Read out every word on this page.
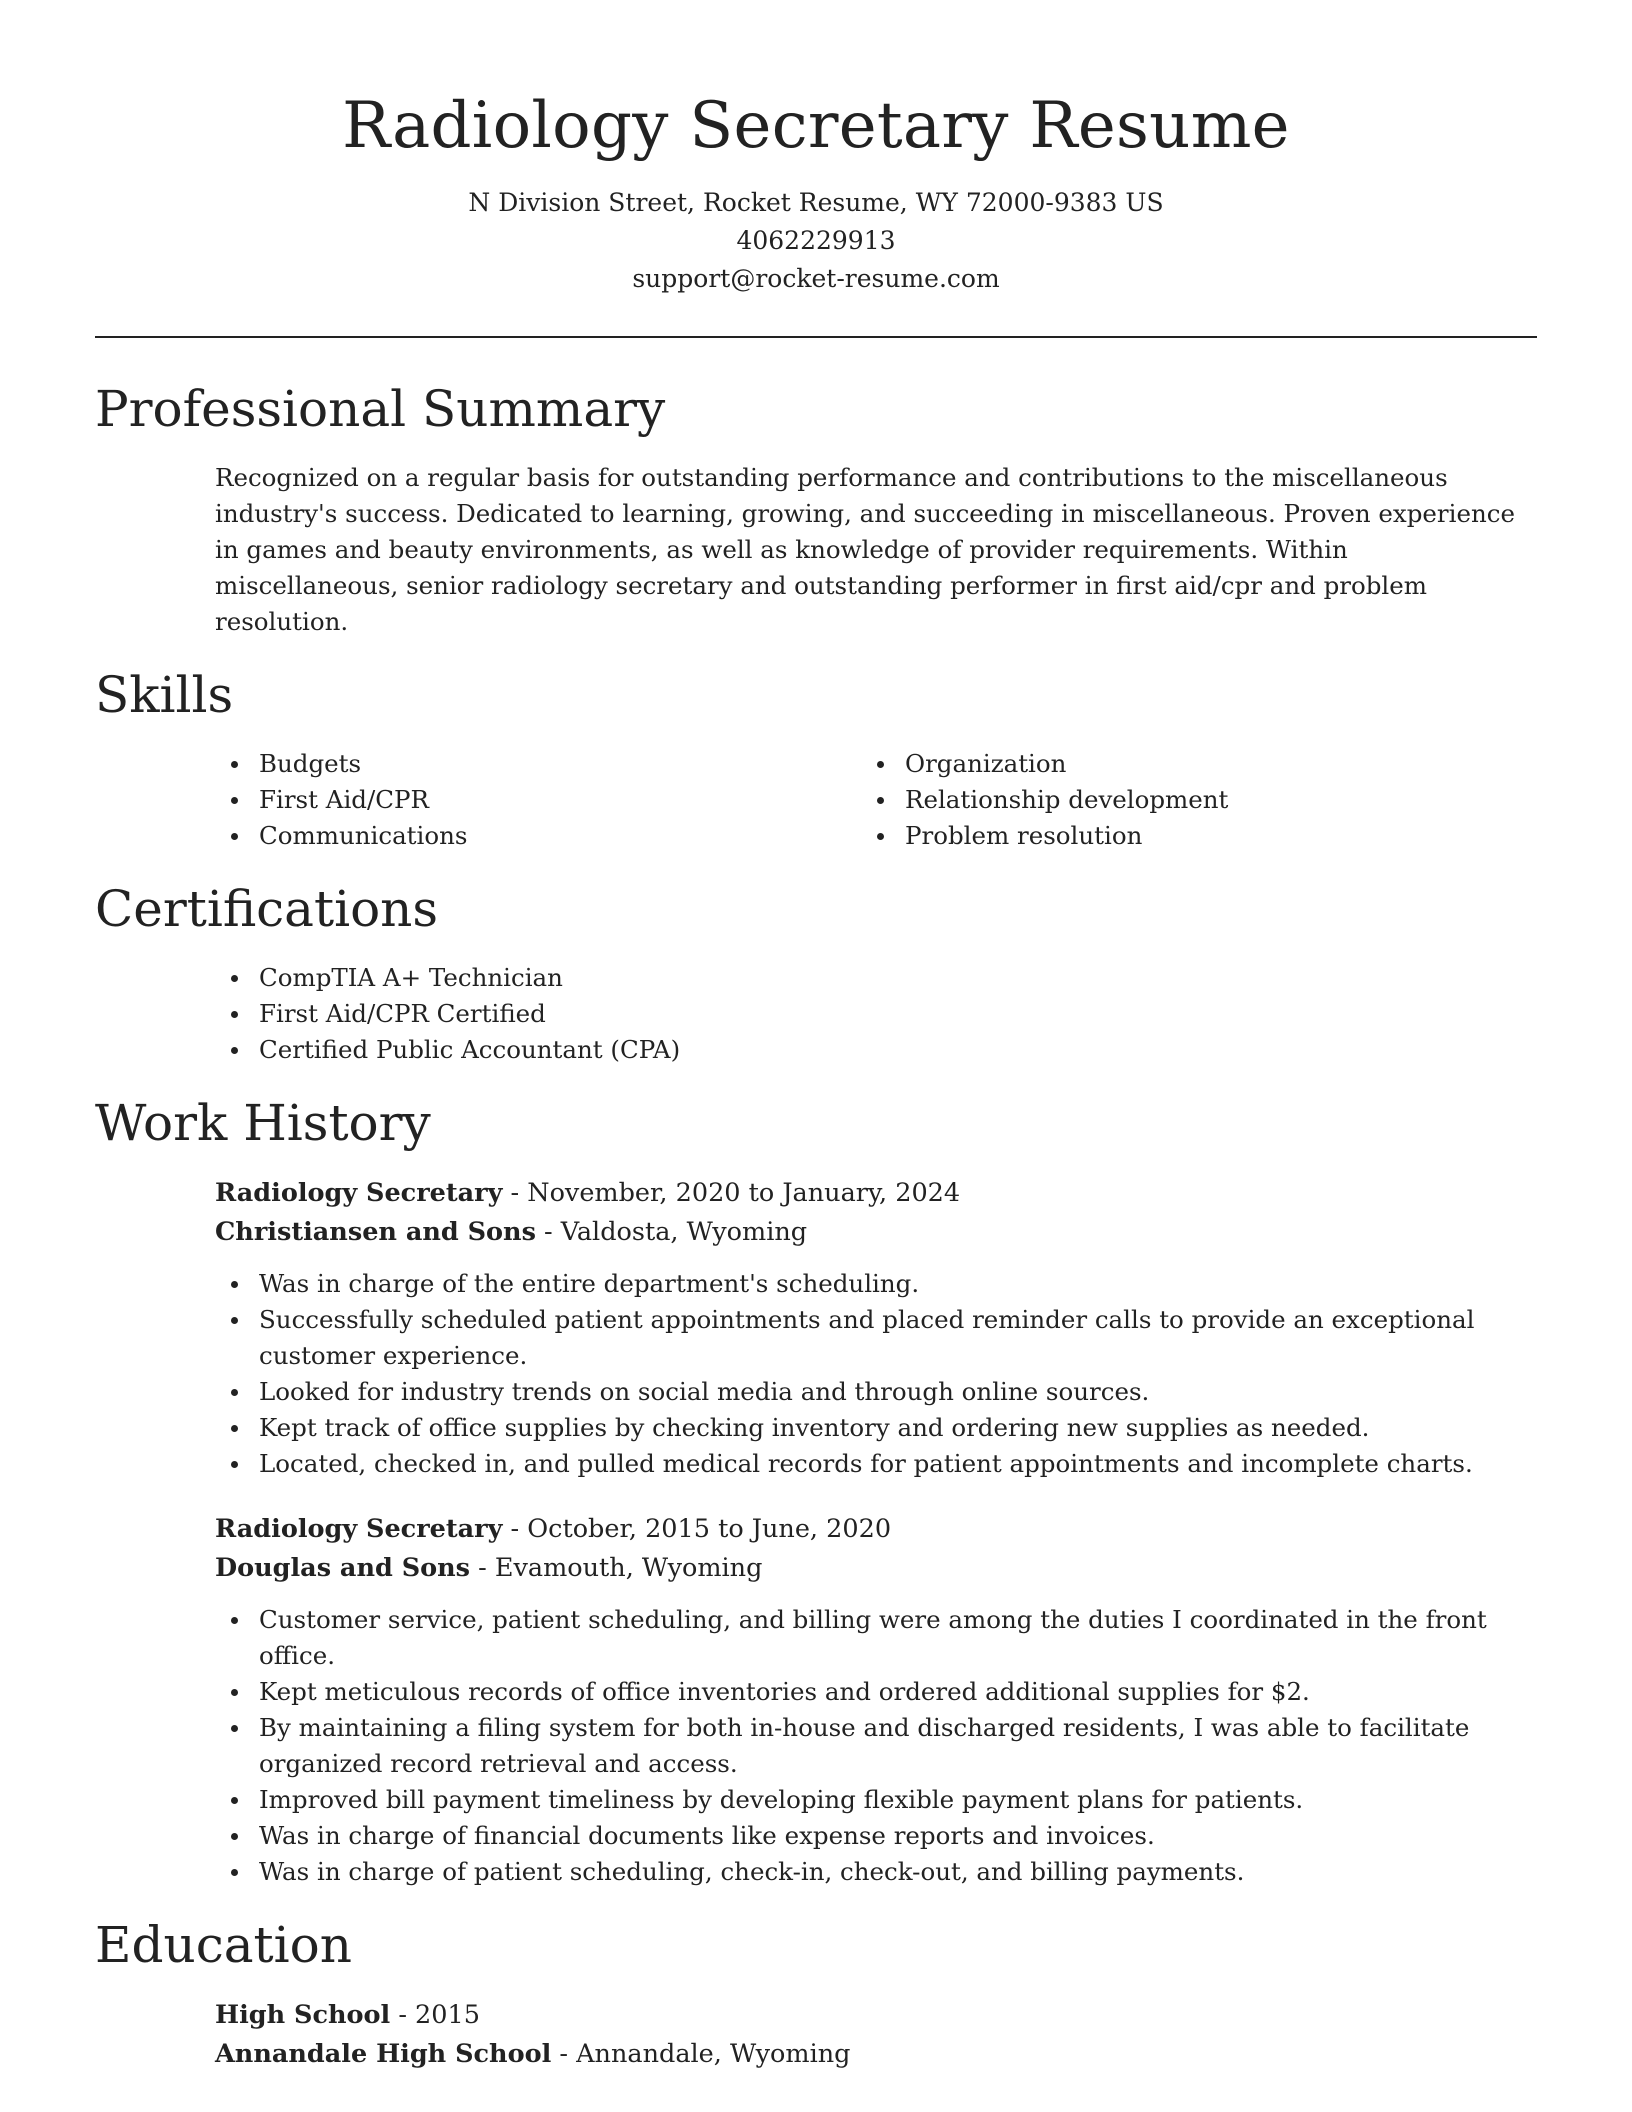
Radiology Secretary Resume
N Division Street, Rocket Resume, WY 72000-9383 US
4062229913
support@rocket-resume.com
Professional Summary

Recognized on a regular basis for outstanding performance and contributions to the miscellaneous industry's success. Dedicated to learning, growing, and succeeding in miscellaneous. Proven experience in games and beauty environments, as well as knowledge of provider requirements. Within miscellaneous, senior radiology secretary and outstanding performer in first aid/cpr and problem resolution.

Skills
Budgets
First Aid/CPR
Communications
Organization
Relationship development
Problem resolution
Certifications
CompTIA A+ Technician
First Aid/CPR Certified
Certified Public Accountant (CPA)
Work History
Radiology Secretary - November, 2020 to January, 2024
Christiansen and Sons - Valdosta, Wyoming
Was in charge of the entire department's scheduling.
Successfully scheduled patient appointments and placed reminder calls to provide an exceptional customer experience.
Looked for industry trends on social media and through online sources.
Kept track of office supplies by checking inventory and ordering new supplies as needed.
Located, checked in, and pulled medical records for patient appointments and incomplete charts.
Radiology Secretary - October, 2015 to June, 2020
Douglas and Sons - Evamouth, Wyoming
Customer service, patient scheduling, and billing were among the duties I coordinated in the front office.
Kept meticulous records of office inventories and ordered additional supplies for $2.
By maintaining a filing system for both in-house and discharged residents, I was able to facilitate organized record retrieval and access.
Improved bill payment timeliness by developing flexible payment plans for patients.
Was in charge of financial documents like expense reports and invoices.
Was in charge of patient scheduling, check-in, check-out, and billing payments.
Education
High School - 2015
Annandale High School - Annandale, Wyoming
